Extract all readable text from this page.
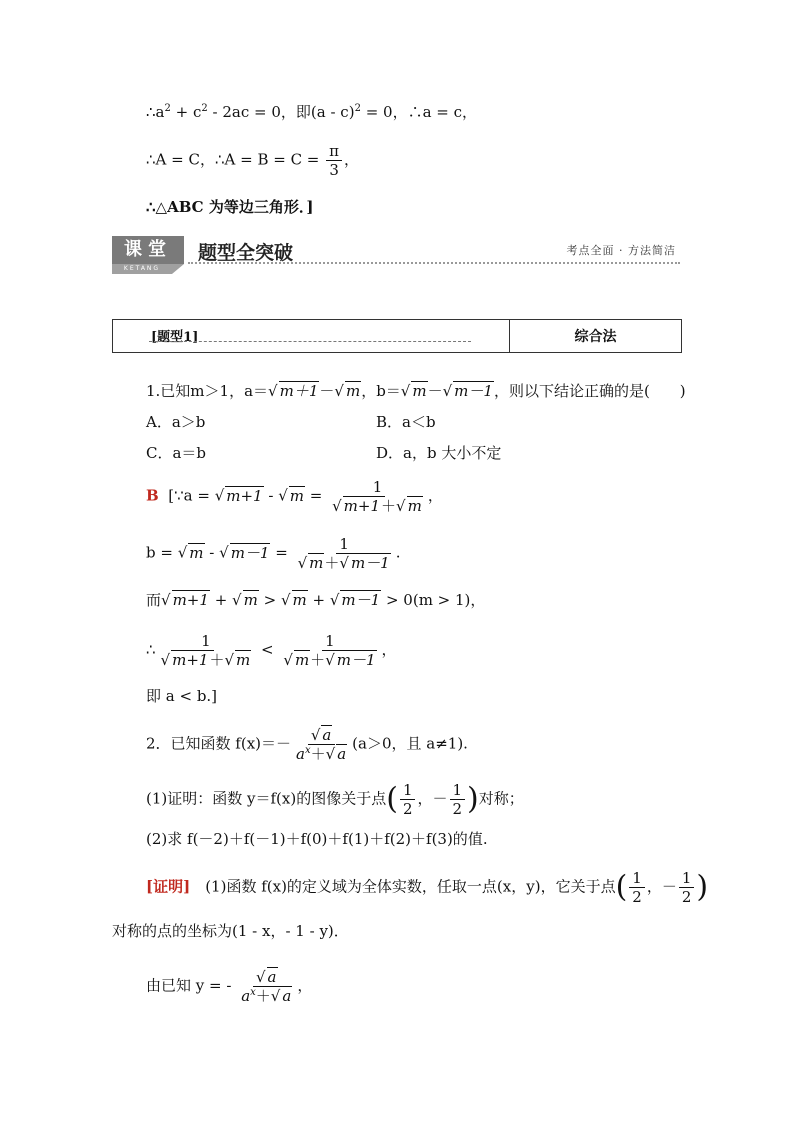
$\therefore a^2 + c^2 - 2ac = 0$，即(a - c)$^2$ = 0，∴a = c，
∴A = C，∴A = $B = C = \frac{\pi}{3}$ ，
∴△ABC 为等边三角形．]
课堂
KETANG
题型全突破	考点全面 · 方法简洁
[题型1]	综合法
1.已知m＞1，a＝√ m＋1－√ m，b＝√ m－√ m－1，则以下结论正确的是(　　)
A．a＞b	B．a＜b
C．a＝b	D．a，b 大小不定
B [∵a = √ m+1 - √ $m = \frac{1}{√ m+1+√ m}$ ，
b = √ m - √ $m-1 = \frac{1}{√ m+√ m-1}$ .
而√ m+1 + √ m > √ m + √ m－1 > 0(m > 1)，
∴ $\frac{1}{√ m+1+√ m} < \frac{1}{√ m+√ m-1}$ ，
即 a < b.]
2．已知函数 $f(x)=- \frac{√ a}{a^x+√ a} (a>0$，且 a≠1).
(1)证明：函数 y＝f(x)的图像关于点( $\frac{1}{2}$ ，－ $\frac{1}{2}$ )对称；
(2)求 f(－2)＋f(－1)＋f(0)＋f(1)＋f(2)＋f(3)的值.
[证明]　(1)函数 f(x)的定义域为全体实数，任取一点(x，y)，它关于点( $\frac{1}{2}$ ，－ $\frac{1}{2}$ )
对称的点的坐标为(1 - x，- 1 - y)．
由已知 y = - $\frac{√ a}{a^x+√ a}$ ，
